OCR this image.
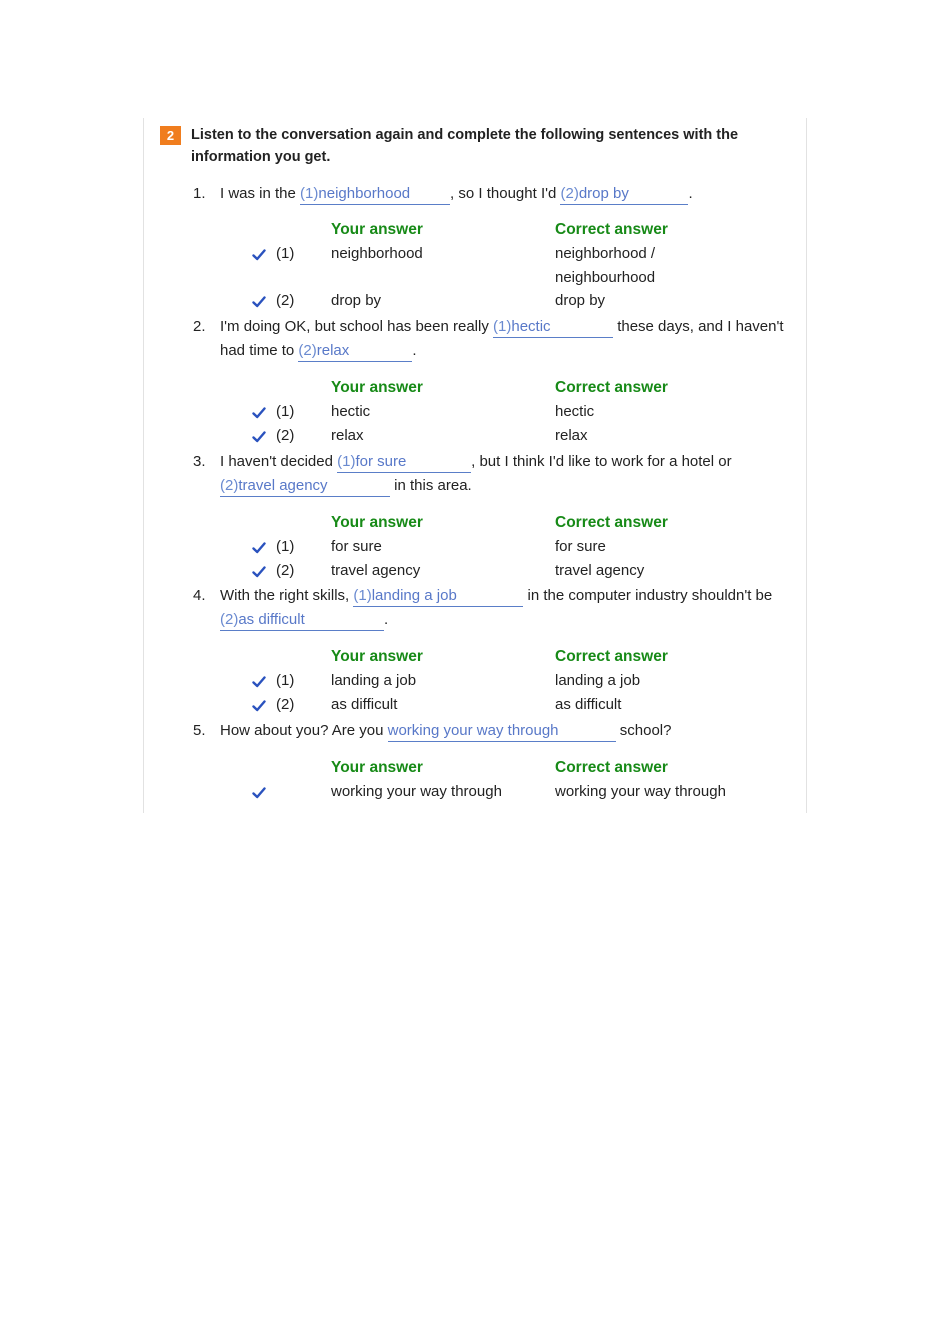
2	Listen to the conversation again and complete the following sentences with the information you get.
1. I was in the (1)neighborhood	, so I thought I'd (2)drop by	.
Your answer	Correct answer
(1) neighborhood	neighborhood /
neighbourhood
(2) drop by	drop by
2. I'm doing OK, but school has been really (1)hectic	these days, and I haven't had time to (2)relax	.
Your answer	Correct answer
(1) hectic	hectic
(2) relax	relax
3. I haven't decided (1)for sure	, but I think I'd like to work for a hotel or (2)travel agency	in this area.
Your answer	Correct answer
(1) for sure	for sure
(2) travel agency	travel agency
4. With the right skills, (1)landing a job	in the computer industry shouldn't be (2)as difficult	.
Your answer	Correct answer
(1) landing a job	landing a job
(2) as difficult	as difficult
5. How about you? Are you working your way through	school?
Your answer	Correct answer
working your way through	working your way through
